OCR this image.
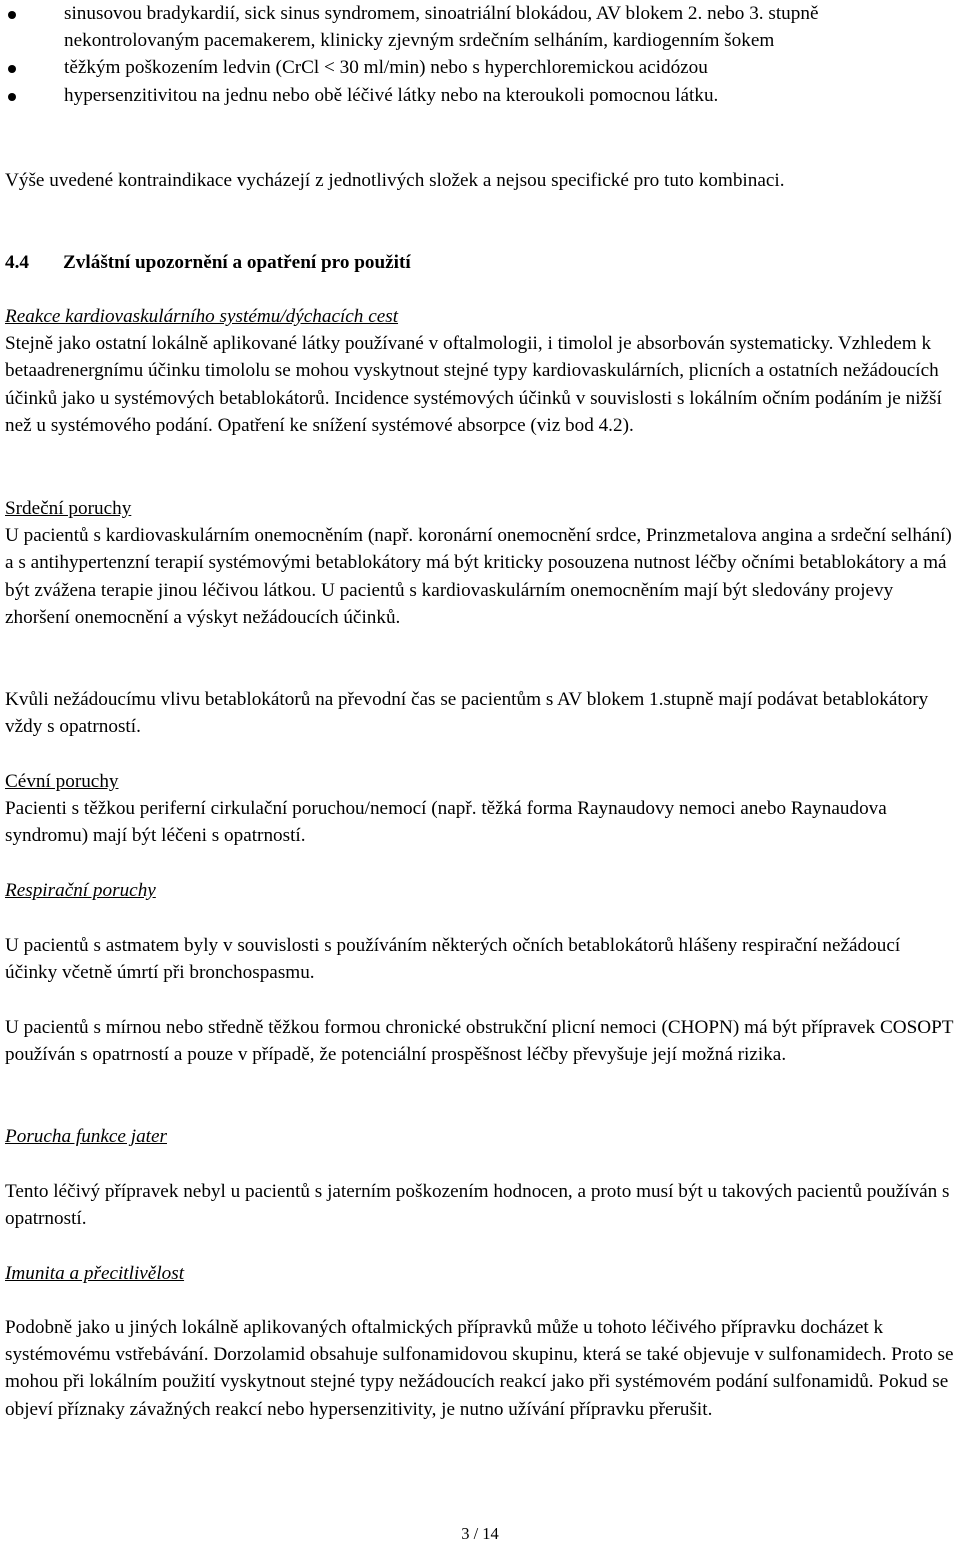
sinusovou bradykardií, sick sinus syndromem, sinoatriální blokádou, AV blokem 2. nebo 3. stupně nekontrolovaným pacemakerem, klinicky zjevným srdečním selháním, kardiogenním šokem
těžkým poškozením ledvin (CrCl < 30 ml/min) nebo s hyperchloremickou acidózou
hypersenzitivitou na jednu nebo obě léčivé látky nebo na kteroukoli pomocnou látku.

Výše uvedené kontraindikace vycházejí z jednotlivých složek a nejsou specifické pro tuto kombinaci.

4.4 Zvláštní upozornění a opatření pro použití

Reakce kardiovaskulárního systému/dýchacích cest
Stejně jako ostatní lokálně aplikované látky používané v oftalmologii, i timolol je absorbován systematicky. Vzhledem k betaadrenergnímu účinku timololu se mohou vyskytnout stejné typy kardiovaskulárních, plicních a ostatních nežádoucích účinků jako u systémových betablokátorů. Incidence systémových účinků v souvislosti s lokálním očním podáním je nižší než u systémového podání. Opatření ke snížení systémové absorpce (viz bod 4.2).

Srdeční poruchy
U pacientů s kardiovaskulárním onemocněním (např. koronární onemocnění srdce, Prinzmetalova angina a srdeční selhání) a s antihypertenzní terapií systémovými betablokátory má být kriticky posouzena nutnost léčby očními betablokátory a má být zvážena terapie jinou léčivou látkou. U pacientů s kardiovaskulárním onemocněním mají být sledovány projevy zhoršení onemocnění a výskyt nežádoucích účinků.

Kvůli nežádoucímu vlivu betablokátorů na převodní čas se pacientům s AV blokem 1.stupně mají podávat betablokátory vždy s opatrností.

Cévní poruchy
Pacienti s těžkou periferní cirkulační poruchou/nemocí (např. těžká forma Raynaudovy nemoci anebo Raynaudova syndromu) mají být léčeni s opatrností.

Respirační poruchy

U pacientů s astmatem byly v souvislosti s používáním některých očních betablokátorů hlášeny respirační nežádoucí účinky včetně úmrtí při bronchospasmu.

U pacientů s mírnou nebo středně těžkou formou chronické obstrukční plicní nemoci (CHOPN) má být přípravek COSOPT používán s opatrností a pouze v případě, že potenciální prospěšnost léčby převyšuje její možná rizika.

Porucha funkce jater

Tento léčivý přípravek nebyl u pacientů s jaterním poškozením hodnocen, a proto musí být u takových pacientů používán s opatrností.

Imunita a přecitlivělost

Podobně jako u jiných lokálně aplikovaných oftalmických přípravků může u tohoto léčivého přípravku docházet k systémovému vstřebávání. Dorzolamid obsahuje sulfonamidovou skupinu, která se také objevuje v sulfonamidech. Proto se mohou při lokálním použití vyskytnout stejné typy nežádoucích reakcí jako při systémovém podání sulfonamidů. Pokud se objeví příznaky závažných reakcí nebo hypersenzitivity, je nutno užívání přípravku přerušit.

3 / 14
